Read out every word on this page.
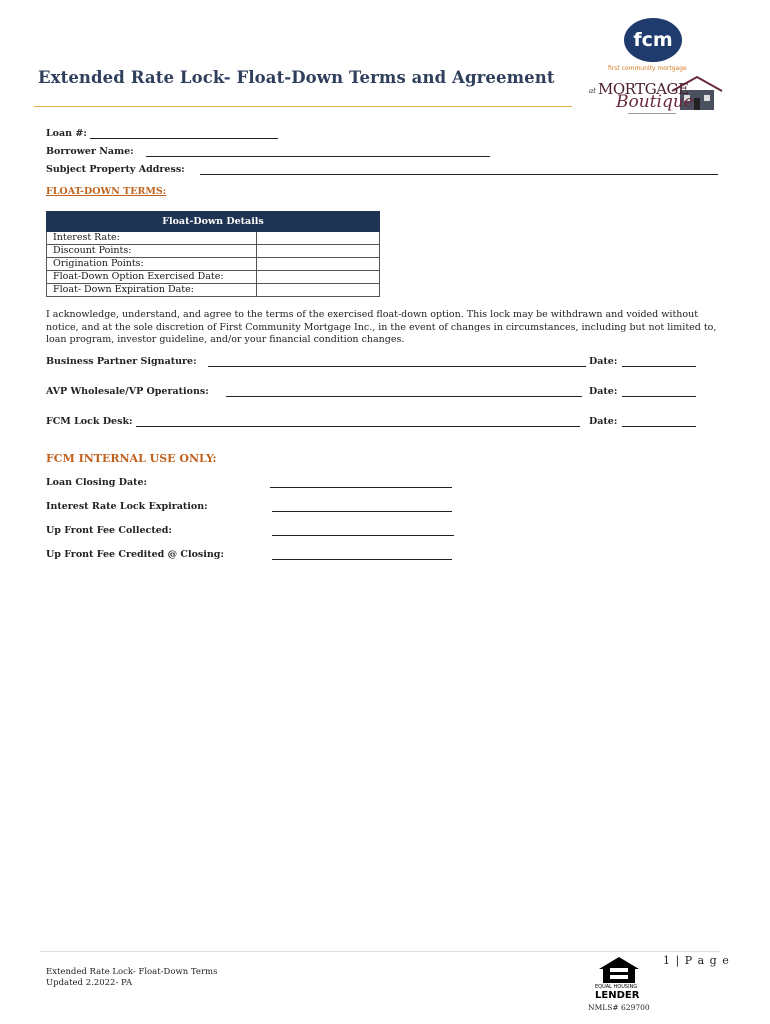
Extended Rate Lock- Float-Down Terms and Agreement
fcm
first community mortgage
at MORTGAGE
Boutique
Loan #:
Borrower Name:
Subject Property Address:
FLOAT-DOWN TERMS:
Float-Down Details	
Interest Rate:	
Discount Points:	
Origination Points:	
Float-Down Option Exercised Date:	
Float- Down Expiration Date:	
I acknowledge, understand, and agree to the terms of the exercised float-down option. This lock may be withdrawn and voided without notice, and at the sole discretion of First Community Mortgage Inc., in the event of changes in circumstances, including but not limited to, loan program, investor guideline, and/or your financial condition changes.
Business Partner Signature:	Date:
AVP Wholesale/VP Operations:	Date:
FCM Lock Desk:	Date:
FCM INTERNAL USE ONLY:
Loan Closing Date:
Interest Rate Lock Expiration:
Up Front Fee Collected:
Up Front Fee Credited @ Closing:
Extended Rate Lock- Float-Down Terms
Updated 2.2022- PA
1 | P a g e
EQUAL HOUSING
LENDER
NMLS# 629700
